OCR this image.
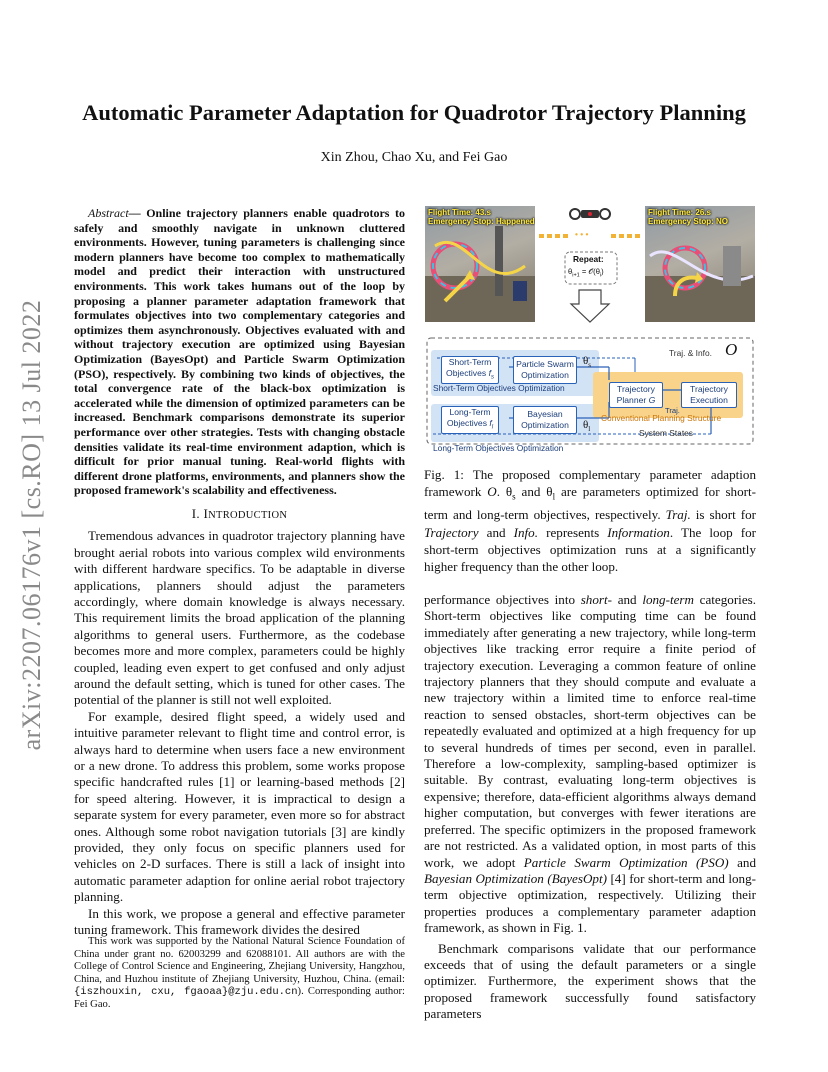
arXiv:2207.06176v1 [cs.RO] 13 Jul 2022
Automatic Parameter Adaptation for Quadrotor Trajectory Planning
Xin Zhou, Chao Xu, and Fei Gao

Abstract— Online trajectory planners enable quadrotors to safely and smoothly navigate in unknown cluttered environments. However, tuning parameters is challenging since modern planners have become too complex to mathematically model and predict their interaction with unstructured environments. This work takes humans out of the loop by proposing a planner parameter adaptation framework that formulates objectives into two complementary categories and optimizes them asynchronously. Objectives evaluated with and without trajectory execution are optimized using Bayesian Optimization (BayesOpt) and Particle Swarm Optimization (PSO), respectively. By combining two kinds of objectives, the total convergence rate of the black-box optimization is accelerated while the dimension of optimized parameters can be increased. Benchmark comparisons demonstrate its superior performance over other strategies. Tests with changing obstacle densities validate its real-time environment adaption, which is difficult for prior manual tuning. Real-world flights with different drone platforms, environments, and planners show the proposed framework's scalability and effectiveness.

I. INTRODUCTION

Tremendous advances in quadrotor trajectory planning have brought aerial robots into various complex wild environments with different hardware specifics. To be adaptable in diverse applications, planners should adjust the parameters accordingly, where domain knowledge is always necessary. This requirement limits the broad application of the planning algorithms to general users. Furthermore, as the codebase becomes more and more complex, parameters could be highly coupled, leading even expert to get confused and only adjust around the default setting, which is tuned for other cases. The potential of the planner is still not well exploited.

For example, desired flight speed, a widely used and intuitive parameter relevant to flight time and control error, is always hard to determine when users face a new environment or a new drone. To address this problem, some works propose specific handcrafted rules [1] or learning-based methods [2] for speed altering. However, it is impractical to design a separate system for every parameter, even more so for abstract ones. Although some robot navigation tutorials [3] are kindly provided, they only focus on specific planners used for vehicles on 2-D surfaces. There is still a lack of insight into automatic parameter adaption for online aerial robot trajectory planning.

In this work, we propose a general and effective parameter tuning framework. This framework divides the desired

This work was supported by the National Natural Science Foundation of China under grant no. 62003299 and 62088101. All authors are with the College of Control Science and Engineering, Zhejiang University, Hangzhou, China, and Huzhou institute of Zhejiang University, Huzhou, China. (email: {iszhouxin, cxu, fgaoaa}@zju.edu.cn). Corresponding author: Fei Gao.
Flight Time: 43.s
Emergency Stop: Happened
• • •
Repeat:
$\theta_{i+1}$ = $𝒪(\theta_i)$
Flight Time: 26.s
Emergency Stop: NO
Short-Term
Objectives $f_s$
Particle Swarm
Optimization
$\theta_s$
Short-Term Objectives Optimization	Trajectory
Planner G
Trajectory
Execution
Traj.
Conventional Planning Structure
Traj. & Info. O
Long-Term
Objectives $f_l$
Bayesian
Optimization $\theta_l$	System States
Long-Term Objectives Optimization
Fig. 1: The proposed complementary parameter adaption framework O. $\theta_s$ and $\theta_l$ are parameters optimized for short-term and long-term objectives, respectively. Traj. is short for Trajectory and Info. represents Information. The loop for short-term objectives optimization runs at a significantly higher frequency than the other loop.

performance objectives into short- and long-term categories. Short-term objectives like computing time can be found immediately after generating a new trajectory, while long-term objectives like tracking error require a finite period of trajectory execution. Leveraging a common feature of online trajectory planners that they should compute and evaluate a new trajectory within a limited time to enforce real-time reaction to sensed obstacles, short-term objectives can be repeatedly evaluated and optimized at a high frequency for up to several hundreds of times per second, even in parallel. Therefore a low-complexity, sampling-based optimizer is suitable. By contrast, evaluating long-term objectives is expensive; therefore, data-efficient algorithms always demand higher computation, but converges with fewer iterations are preferred. The specific optimizers in the proposed framework are not restricted. As a validated option, in most parts of this work, we adopt Particle Swarm Optimization (PSO) and Bayesian Optimization (BayesOpt) [4] for short-term and long-term objective optimization, respectively. Utilizing their properties produces a complementary parameter adaption framework, as shown in Fig. 1.

Benchmark comparisons validate that our performance exceeds that of using the default parameters or a single optimizer. Furthermore, the experiment shows that the proposed framework successfully found satisfactory parameters
